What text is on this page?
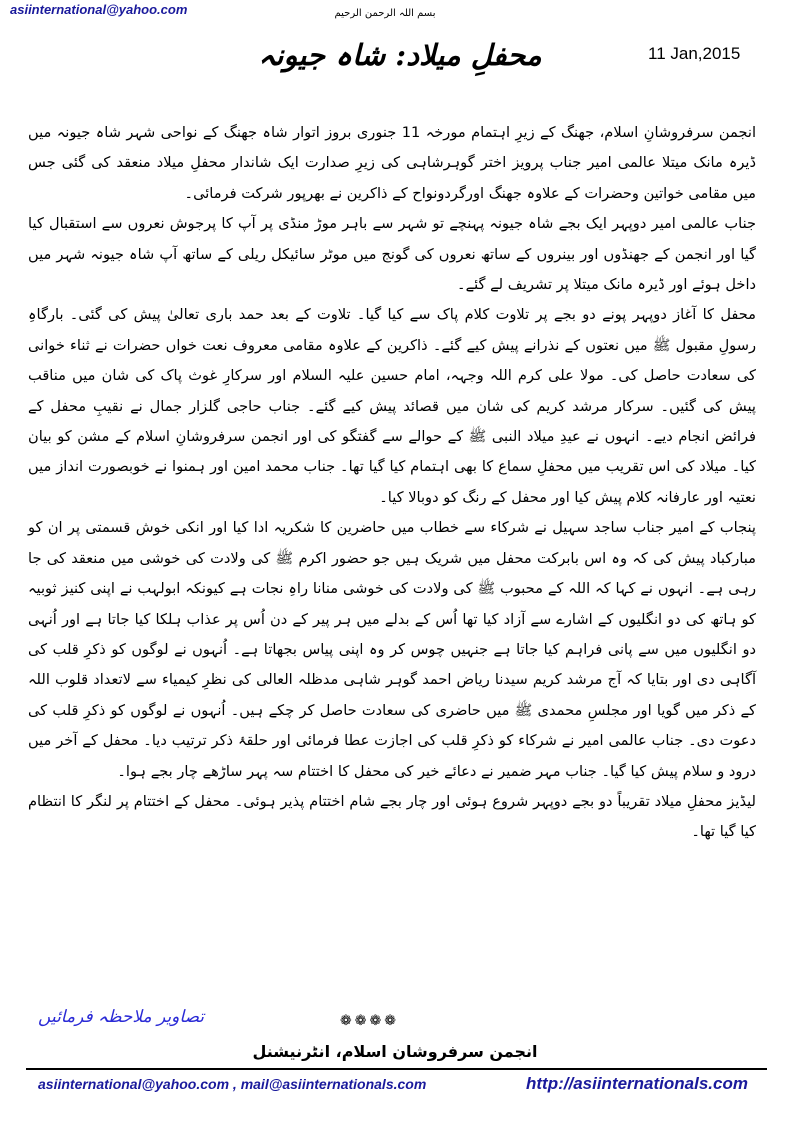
asiinternational@yahoo.com	بسم اللہ الرحمن الرحیم
11 Jan,2015
محفلِ میلاد: شاہ جیونہ

انجمن سرفروشانِ اسلام، جھنگ کے زیرِ اہتمام مورخہ 11 جنوری بروز اتوار شاہ جھنگ کے نواحی شہر شاہ جیونہ میں ڈیرہ مانک میتلا عالمی امیر جناب پرویز اختر گوہرشاہی کی زیرِ صدارت ایک شاندار محفلِ میلاد منعقد کی گئی جس میں مقامی خواتین وحضرات کے علاوہ جھنگ اورگردونواح کے ذاکرین نے بھرپور شرکت فرمائی۔

جناب عالمی امیر دوپہر ایک بجے شاہ جیونہ پہنچے تو شہر سے باہر موڑ منڈی پر آپ کا پرجوش نعروں سے استقبال کیا گیا اور انجمن کے جھنڈوں اور بینروں کے ساتھ نعروں کی گونج میں موٹر سائیکل ریلی کے ساتھ آپ شاہ جیونہ شہر میں داخل ہوئے اور ڈیرہ مانک میتلا پر تشریف لے گئے۔

محفل کا آغاز دوپہر پونے دو بجے پر تلاوت کلام پاک سے کیا گیا۔ تلاوت کے بعد حمد باری تعالیٰ پیش کی گئی۔ بارگاہِ رسولِ مقبول ﷺ میں نعتوں کے نذرانے پیش کیے گئے۔ ذاکرین کے علاوہ مقامی معروف نعت خواں حضرات نے ثناء خوانی کی سعادت حاصل کی۔ مولا علی کرم اللہ وجہہ، امام حسین علیہ السلام اور سرکارِ غوث پاک کی شان میں مناقب پیش کی گئیں۔ سرکار مرشد کریم کی شان میں قصائد پیش کیے گئے۔ جناب حاجی گلزار جمال نے نقیبِ محفل کے فرائض انجام دیے۔ انہوں نے عیدِ میلاد النبی ﷺ کے حوالے سے گفتگو کی اور انجمن سرفروشانِ اسلام کے مشن کو بیان کیا۔ میلاد کی اس تقریب میں محفلِ سماع کا بھی اہتمام کیا گیا تھا۔ جناب محمد امین اور ہمنوا نے خوبصورت انداز میں نعتیہ اور عارفانہ کلام پیش کیا اور محفل کے رنگ کو دوبالا کیا۔

پنجاب کے امیر جناب ساجد سہیل نے شرکاء سے خطاب میں حاضرین کا شکریہ ادا کیا اور انکی خوش قسمتی پر ان کو مبارکباد پیش کی کہ وہ اس بابرکت محفل میں شریک ہیں جو حضور اکرم ﷺ کی ولادت کی خوشی میں منعقد کی جا رہی ہے۔ انہوں نے کہا کہ اللہ کے محبوب ﷺ کی ولادت کی خوشی منانا راہِ نجات ہے کیونکہ ابولہب نے اپنی کنیز ثوبیہ کو ہاتھ کی دو انگلیوں کے اشارے سے آزاد کیا تھا اُس کے بدلے میں ہر پیر کے دن اُس پر عذاب ہلکا کیا جاتا ہے اور اُنہی دو انگلیوں میں سے پانی فراہم کیا جاتا ہے جنہیں چوس کر وہ اپنی پیاس بجھاتا ہے۔ اُنہوں نے لوگوں کو ذکرِ قلب کی آگاہی دی اور بتایا کہ آج مرشد کریم سیدنا ریاض احمد گوہر شاہی مدظلہ العالی کی نظرِ کیمیاء سے لاتعداد قلوب اللہ کے ذکر میں گویا اور مجلسِ محمدی ﷺ میں حاضری کی سعادت حاصل کر چکے ہیں۔ اُنہوں نے لوگوں کو ذکرِ قلب کی دعوت دی۔ جناب عالمی امیر نے شرکاء کو ذکرِ قلب کی اجازت عطا فرمائی اور حلقۂ ذکر ترتیب دیا۔ محفل کے آخر میں درود و سلام پیش کیا گیا۔ جناب مہر ضمیر نے دعائے خیر کی محفل کا اختتام سہ پہر ساڑھے چار بجے ہوا۔

لیڈیز محفلِ میلاد تقریباً دو بجے دوپہر شروع ہوئی اور چار بجے شام اختتام پذیر ہوئی۔ محفل کے اختتام پر لنگر کا انتظام کیا گیا تھا۔

تصاویر ملاحظہ فرمائیں	❁❁❁❁
انجمن سرفروشان اسلام، انٹرنیشنل
asiinternational@yahoo.com , mail@asiinternationals.com	http://asiinternationals.com
